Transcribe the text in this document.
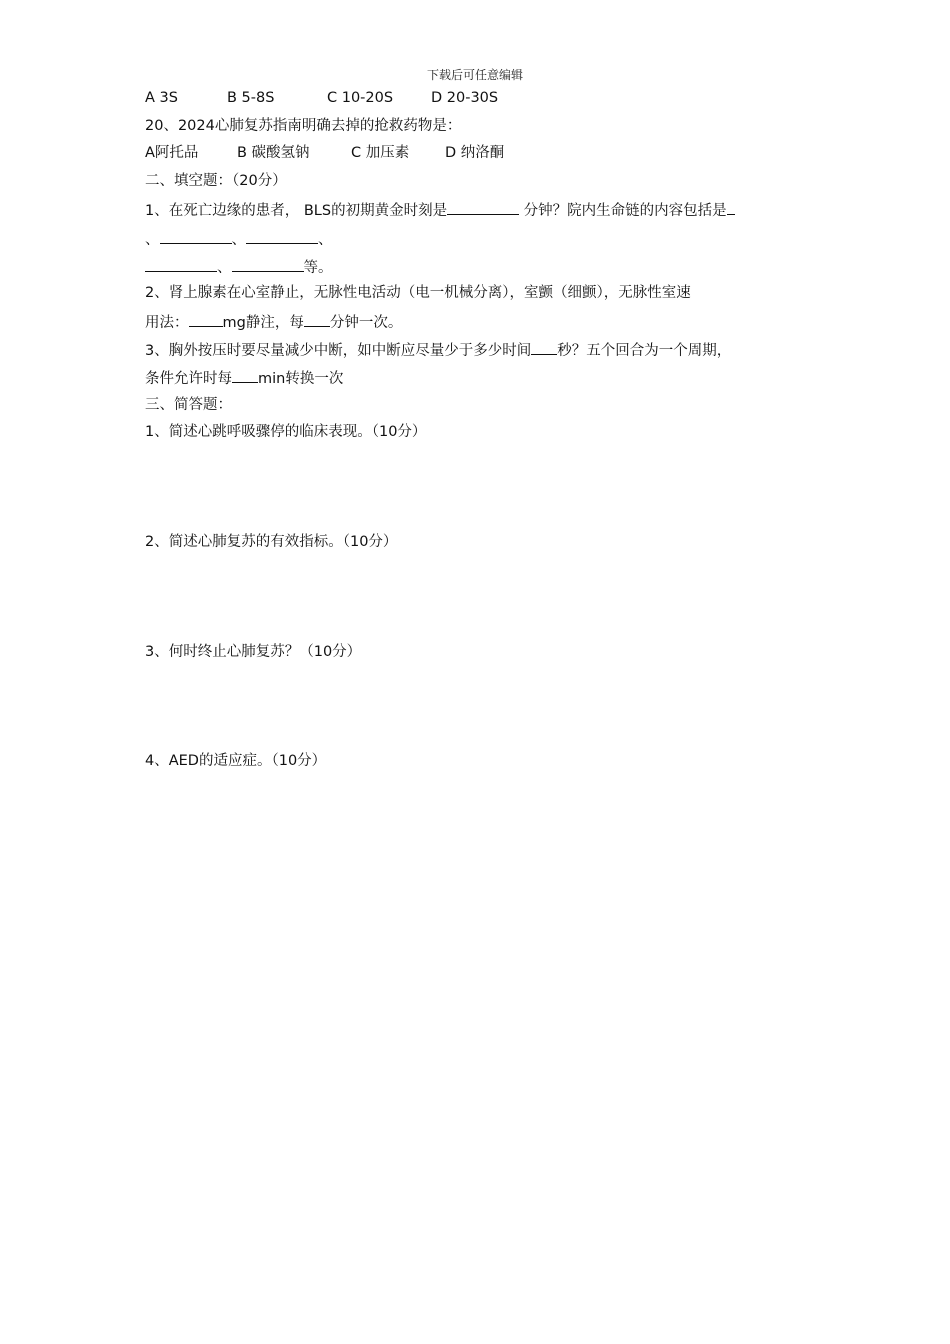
下载后可任意编辑
A 3S	B 5-8S	C 10-20S	D 20-30S
20、2024心肺复苏指南明确去掉的抢救药物是：
A阿托品	B 碳酸氢钠	C 加压素 D 纳洛酮
二、填空题：（20分）
1、在死亡边缘的患者， BLS的初期黄金时刻是	分钟？院内生命链的内容包括是
、	、	、
、	等。
2、肾上腺素在心室静止，无脉性电活动（电一机械分离），室颤（细颤），无脉性室速
用法： mg静注，每 分钟一次。
3、胸外按压时要尽量减少中断，如中断应尽量少于多少时间 秒？五个回合为一个周期，
条件允许时每 min转换一次
三、简答题：
1、简述心跳呼吸骤停的临床表现。（10分）
2、简述心肺复苏的有效指标。（10分）
3、何时终止心肺复苏？（10分）
4、AED的适应症。（10分）
